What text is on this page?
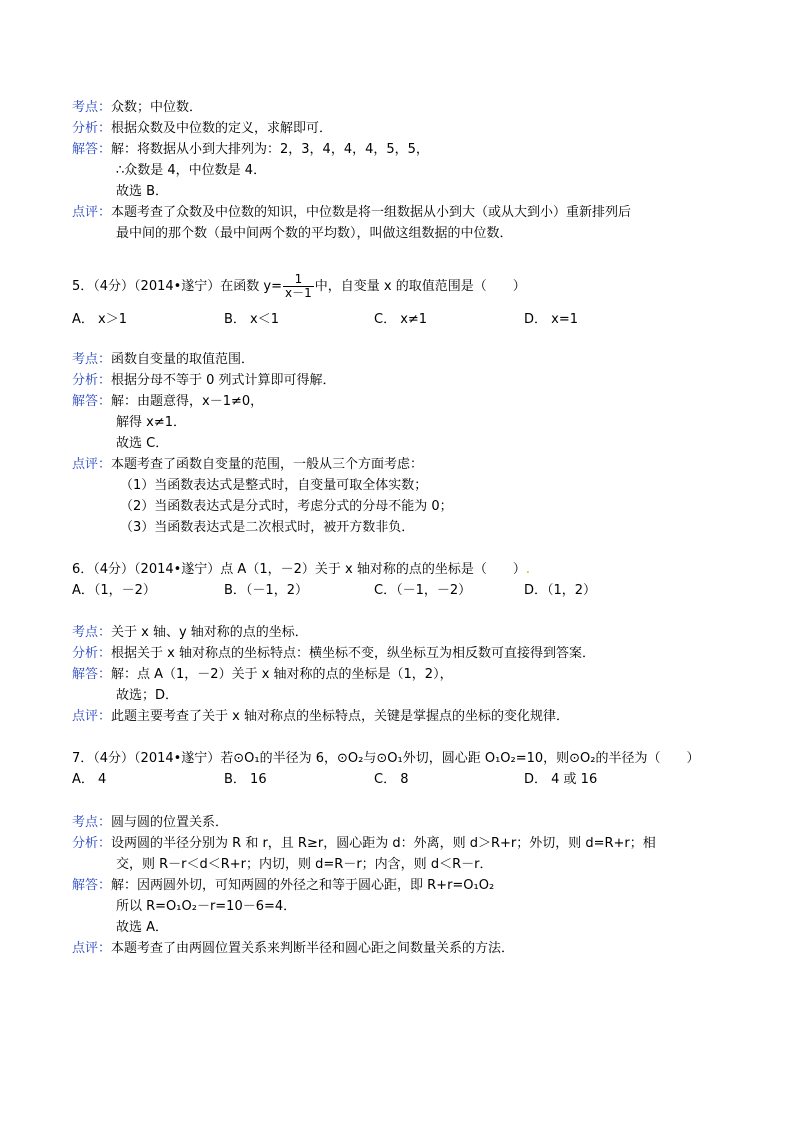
考点：众数；中位数．
分析：根据众数及中位数的定义，求解即可．
解答：解：将数据从小到大排列为：2，3，4，4，4，5，5，
∴众数是 4，中位数是 4．
故选 B．
点评：本题考查了众数及中位数的知识，中位数是将一组数据从小到大（或从大到小）重新排列后
最中间的那个数（最中间两个数的平均数），叫做这组数据的中位数．
5．（4分）（2014•遂宁）在函数 $y= \frac{1}{x-1}$ 中，自变量 x 的取值范围是（　　）
A． x＞1	B． x＜1	C． x≠1	D． x=1
考点：函数自变量的取值范围．
分析：根据分母不等于 0 列式计算即可得解．
解答：解：由题意得，x－1≠0，
解得 x≠1．
故选 C．
点评：本题考查了函数自变量的范围，一般从三个方面考虑：
（1）当函数表达式是整式时，自变量可取全体实数；
（2）当函数表达式是分式时，考虑分式的分母不能为 0；
（3）当函数表达式是二次根式时，被开方数非负．
6．（4分）（2014•遂宁）点 A（1，－2）关于 x 轴对称的点的坐标是（　　）.
A．（1，－2）	B．（－1，2）	C．（－1，－2）	D．（1，2）
考点：关于 x 轴、y 轴对称的点的坐标．
分析：根据关于 x 轴对称点的坐标特点：横坐标不变，纵坐标互为相反数可直接得到答案．
解答：解：点 A（1，－2）关于 x 轴对称的点的坐标是（1，2），
故选；D．
点评：此题主要考查了关于 x 轴对称点的坐标特点，关键是掌握点的坐标的变化规律．
7．（4分）（2014•遂宁）若⊙O₁的半径为 6，⊙O₂与⊙O₁外切，圆心距 O₁O₂=10，则⊙O₂的半径为（　　）
A． 4	B． 16	C． 8	D． 4 或 16
考点：圆与圆的位置关系．
分析：设两圆的半径分别为 R 和 r，且 R≥r，圆心距为 d：外离，则 d＞R+r；外切，则 d=R+r；相
交，则 R－r＜d＜R+r；内切，则 d=R－r；内含，则 d＜R－r．
解答：解：因两圆外切，可知两圆的外径之和等于圆心距，即 R+r=O₁O₂
所以 R=O₁O₂－r=10－6=4．
故选 A．
点评：本题考查了由两圆位置关系来判断半径和圆心距之间数量关系的方法．
